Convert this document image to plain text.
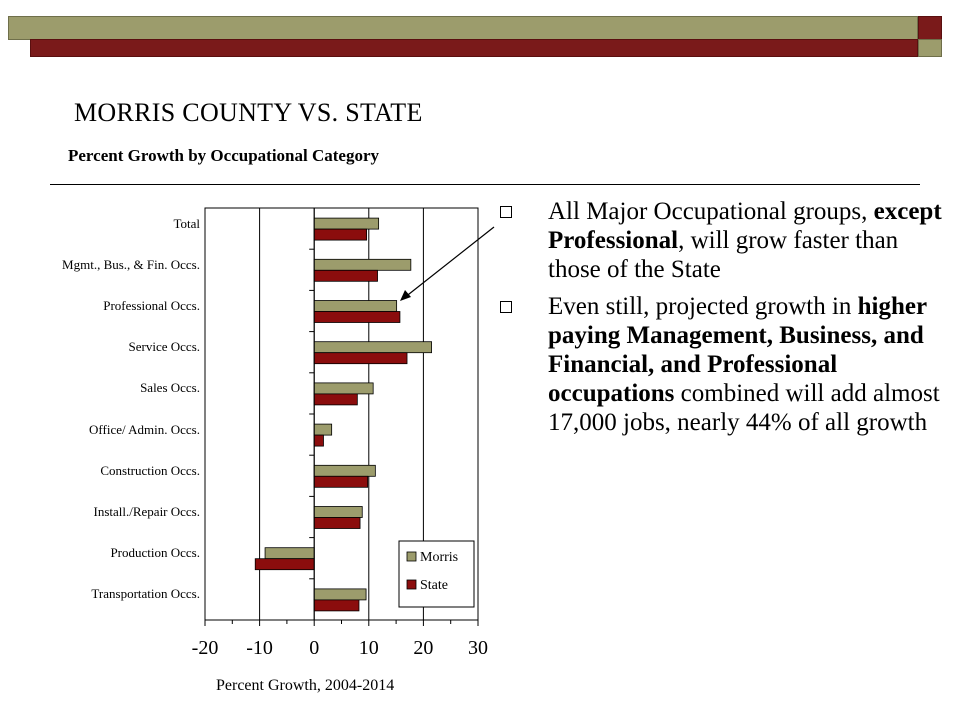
MORRIS COUNTY VS. STATE
Percent Growth by Occupational Category
Total
Mgmt., Bus., & Fin. Occs.
Professional Occs.
Service Occs.
Sales Occs.
Office/ Admin. Occs.
Construction Occs.
Install./Repair Occs.
Production Occs.
Transportation Occs.
-20 -10 0 10 20 30
Morris
State
Percent Growth, 2004-2014
All Major Occupational groups, except Professional, will grow faster than those of the State
Even still, projected growth in higher paying Management, Business, and Financial, and Professional occupations combined will add almost 17,000 jobs, nearly 44% of all growth
